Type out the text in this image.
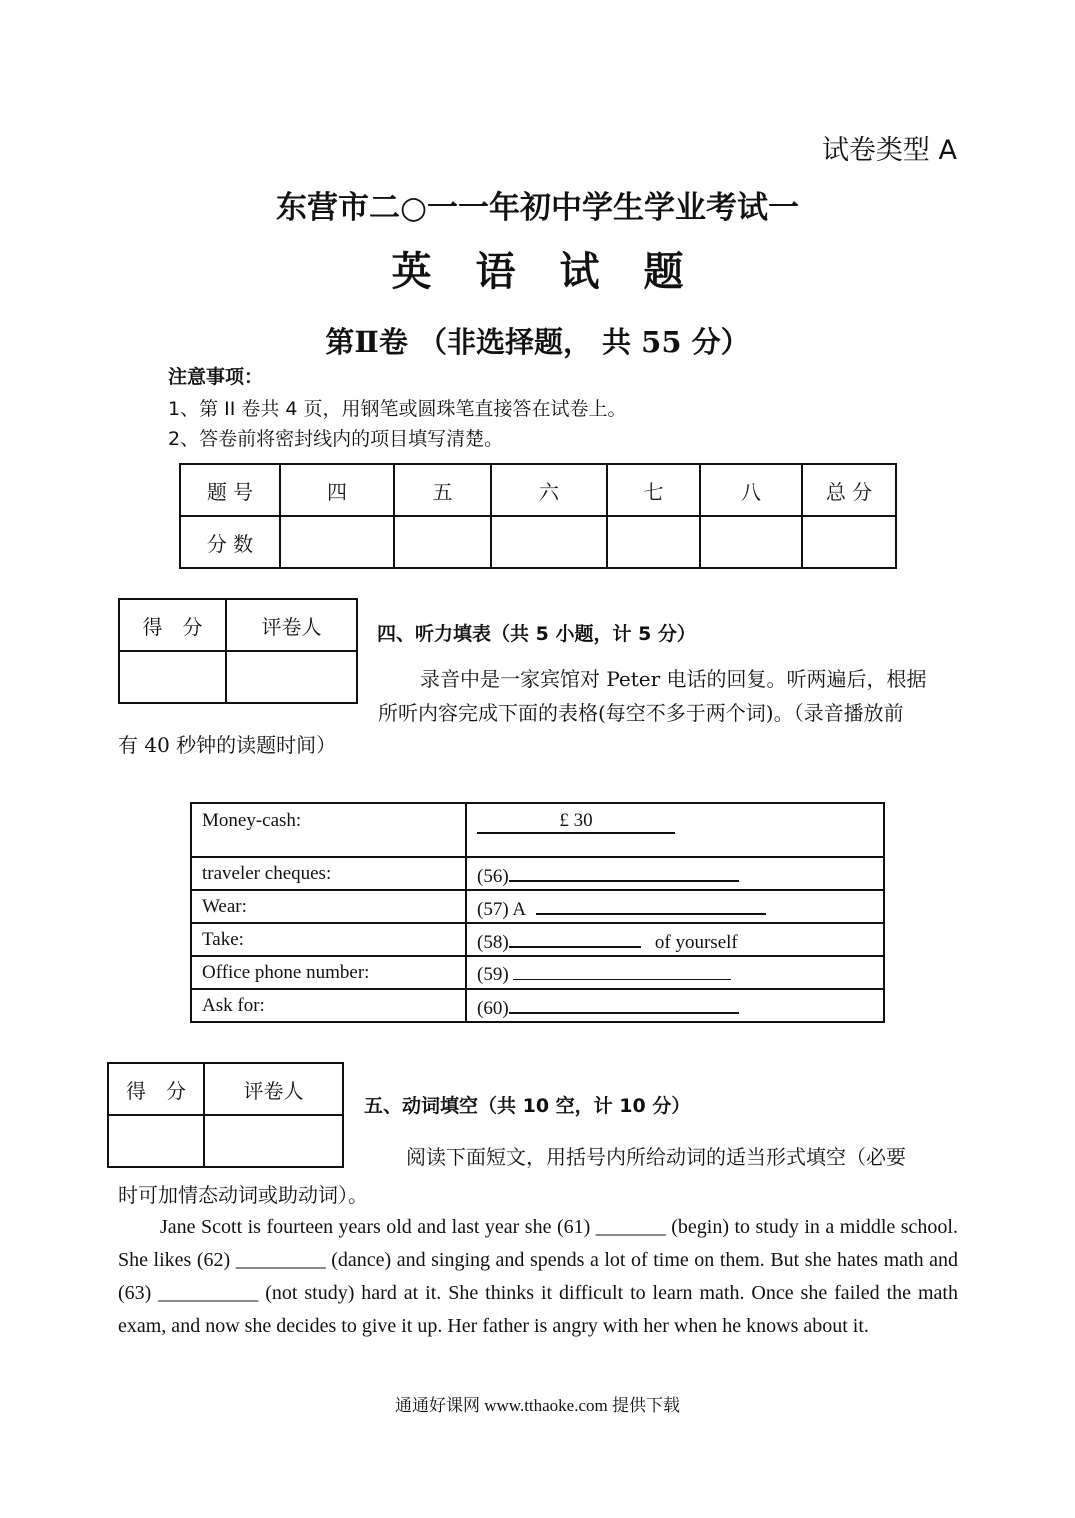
试卷类型 A
东营市二○一一年初中学生学业考试一
英语试题
第Ⅱ卷 （非选择题， 共 55 分）
注意事项：
1、第 II 卷共 4 页，用钢笔或圆珠笔直接答在试卷上。
2、答卷前将密封线内的项目填写清楚。
题 号	四	五	六	七	八	总 分
分 数						
得　分	评卷人
		四、听力填表（共 5 小题，计 5 分）
录音中是一家宾馆对 Peter 电话的回复。听两遍后，根据
所听内容完成下面的表格(每空不多于两个词)。（录音播放前
有 40 秒钟的读题时间）
Money-cash:	£ 30
traveler cheques:	(56)
Wear:	(57) A
Take:	(58) of yourself
Office phone number:	(59)
Ask for:	(60)
得　分	评卷人

五、动词填空（共 10 空，计 10 分）
阅读下面短文，用括号内所给动词的适当形式填空（必要
时可加情态动词或助动词）。
Jane Scott is fourteen years old and last year she (61) _______ (begin) to study in a middle school. She likes (62) _________ (dance) and singing and spends a lot of time on them. But she hates math and (63) __________ (not study) hard at it. She thinks it difficult to learn math. Once she failed the math exam, and now she decides to give it up. Her father is angry with her when he knows about it.
通通好课网 www.tthaoke.com 提供下载
